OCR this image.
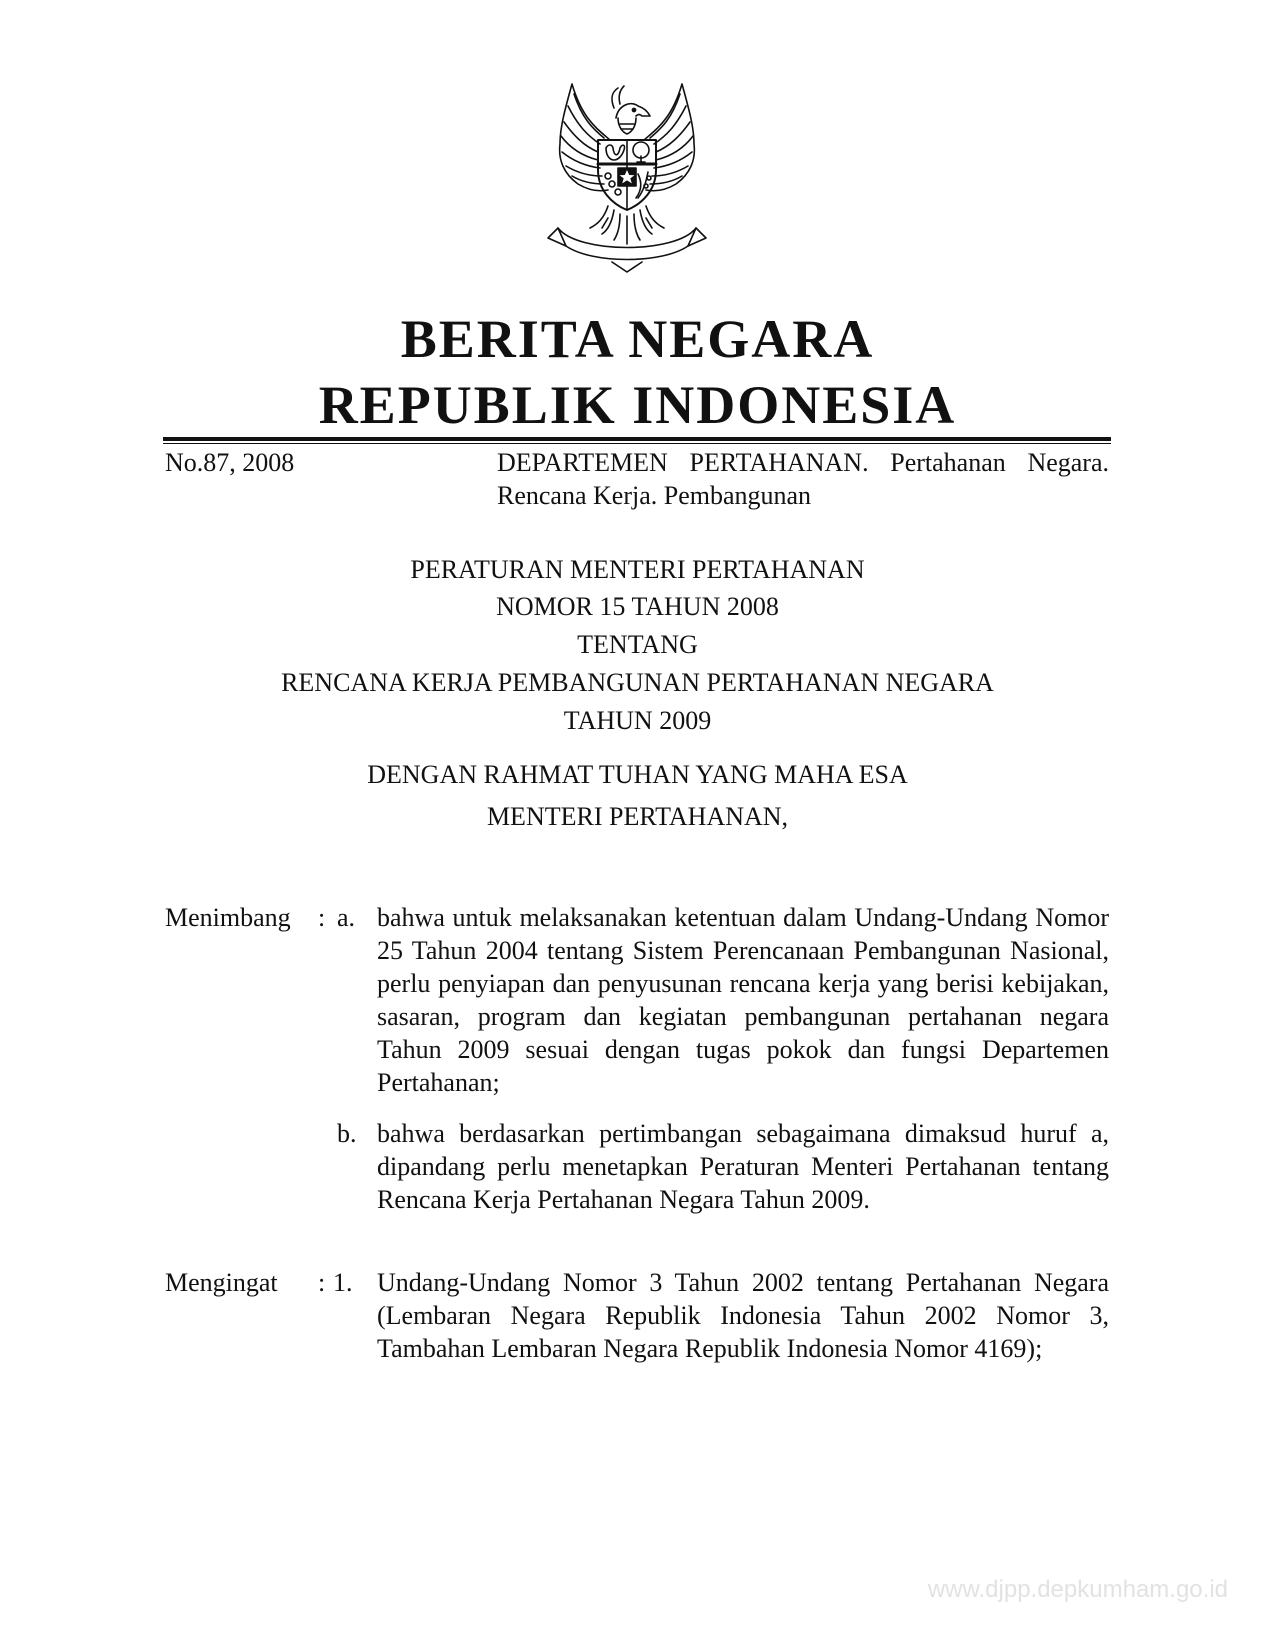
BERITA NEGARA
REPUBLIK INDONESIA
No.87, 2008	DEPARTEMEN PERTAHANAN. Pertahanan Negara. Rencana Kerja. Pembangunan
PERATURAN MENTERI PERTAHANAN
NOMOR 15 TAHUN 2008
TENTANG
RENCANA KERJA PEMBANGUNAN PERTAHANAN NEGARA
TAHUN 2009
DENGAN RAHMAT TUHAN YANG MAHA ESA
MENTERI PERTAHANAN,
Menimbang : a. bahwa untuk melaksanakan ketentuan dalam Undang-Undang Nomor 25 Tahun 2004 tentang Sistem Perencanaan Pembangunan Nasional, perlu penyiapan dan penyusunan rencana kerja yang berisi kebijakan, sasaran, program dan kegiatan pembangunan pertahanan negara Tahun 2009 sesuai dengan tugas pokok dan fungsi Departemen Pertahanan;
b. bahwa berdasarkan pertimbangan sebagaimana dimaksud huruf a, dipandang perlu menetapkan Peraturan Menteri Pertahanan tentang Rencana Kerja Pertahanan Negara Tahun 2009.
Mengingat : 1. Undang-Undang Nomor 3 Tahun 2002 tentang Pertahanan Negara (Lembaran Negara Republik Indonesia Tahun 2002 Nomor 3, Tambahan Lembaran Negara Republik Indonesia Nomor 4169);
www.djpp.depkumham.go.id
